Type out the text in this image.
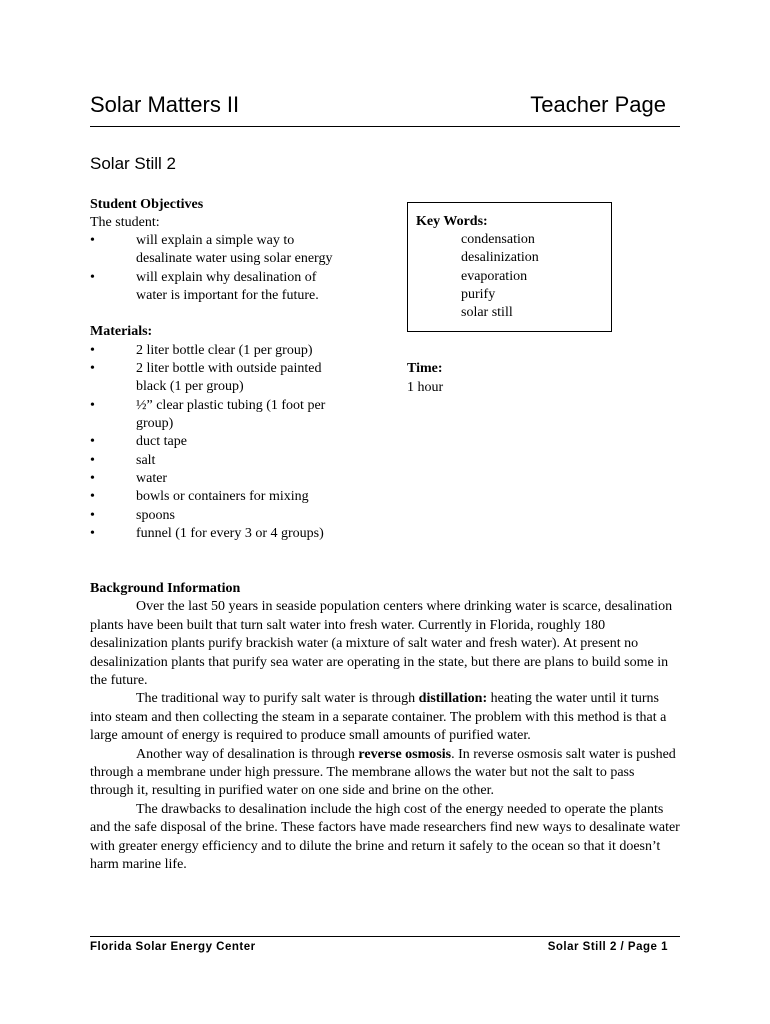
Solar Matters II	Teacher Page
Solar Still 2
Student Objectives
The student:
•	will explain a simple way to
desalinate water using solar energy
•	will explain why desalination of
water is important for the future.
Key Words:
condensation
desalinization
evaporation
purify
solar still
Time:
1 hour
Materials:
•	2 liter bottle clear (1 per group)
•	2 liter bottle with outside painted
black (1 per group)
•	½” clear plastic tubing (1 foot per
group)
•	duct tape
•	salt
•	water
•	bowls or containers for mixing
•	spoons
•	funnel (1 for every 3 or 4 groups)
Background Information

Over the last 50 years in seaside population centers where drinking water is scarce, desalination plants have been built that turn salt water into fresh water. Currently in Florida, roughly 180 desalinization plants purify brackish water (a mixture of salt water and fresh water). At present no desalinization plants that purify sea water are operating in the state, but there are plans to build some in the future.

The traditional way to purify salt water is through distillation: heating the water until it turns into steam and then collecting the steam in a separate container. The problem with this method is that a large amount of energy is required to produce small amounts of purified water.

Another way of desalination is through reverse osmosis. In reverse osmosis salt water is pushed through a membrane under high pressure. The membrane allows the water but not the salt to pass through it, resulting in purified water on one side and brine on the other.

The drawbacks to desalination include the high cost of the energy needed to operate the plants and the safe disposal of the brine. These factors have made researchers find new ways to desalinate water with greater energy efficiency and to dilute the brine and return it safely to the ocean so that it doesn’t harm marine life.

Florida Solar Energy Center	Solar Still 2 / Page 1
